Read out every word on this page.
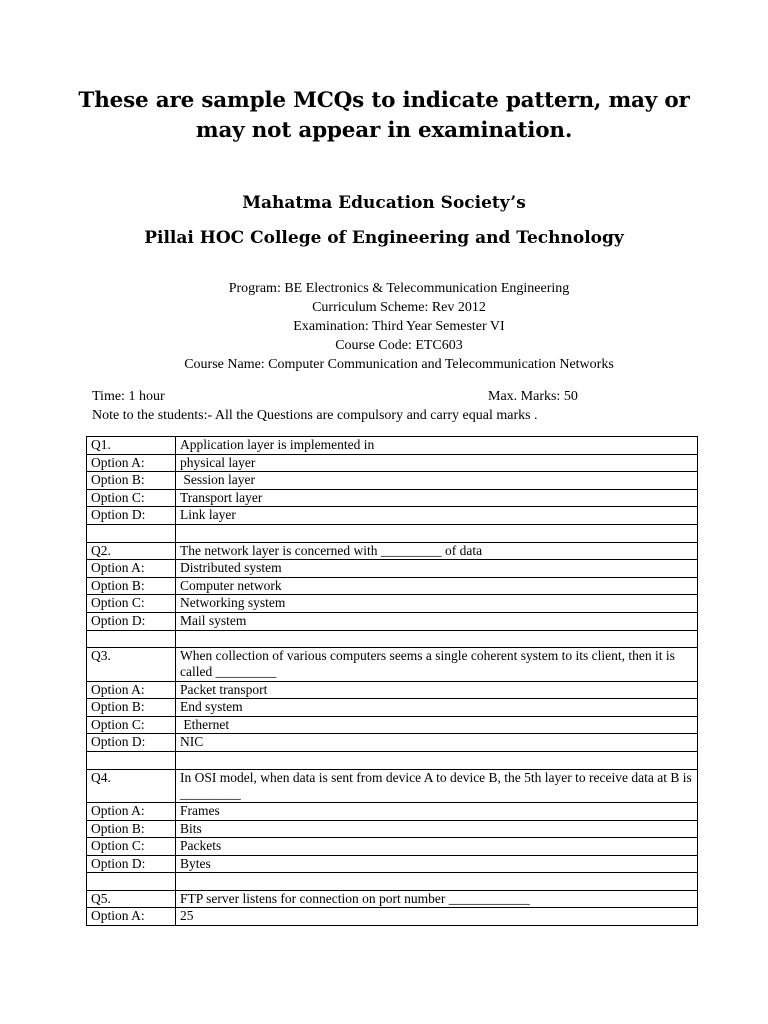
These are sample MCQs to indicate pattern, may or may not appear in examination.
Mahatma Education Society’s
Pillai HOC College of Engineering and Technology
Program: BE Electronics & Telecommunication Engineering
Curriculum Scheme: Rev 2012
Examination: Third Year Semester VI
Course Code: ETC603
Course Name: Computer Communication and Telecommunication Networks
Time: 1 hour	Max. Marks: 50
Note to the students:- All the Questions are compulsory and carry equal marks .
Q1.	Application layer is implemented in
Option A:	physical layer
Option B:	Session layer
Option C:	Transport layer
Option D:	Link layer

Q2.	The network layer is concerned with _________ of data
Option A:	Distributed system
Option B:	Computer network
Option C:	Networking system
Option D:	Mail system

Q3.	When collection of various computers seems a single coherent system to its client, then it is called _________
Option A:	Packet transport
Option B:	End system
Option C:	Ethernet
Option D:	NIC

Q4.	In OSI model, when data is sent from device A to device B, the 5th layer to receive data at B is _________
Option A:	Frames
Option B:	Bits
Option C:	Packets
Option D:	Bytes

Q5.	FTP server listens for connection on port number ____________
Option A:	25
